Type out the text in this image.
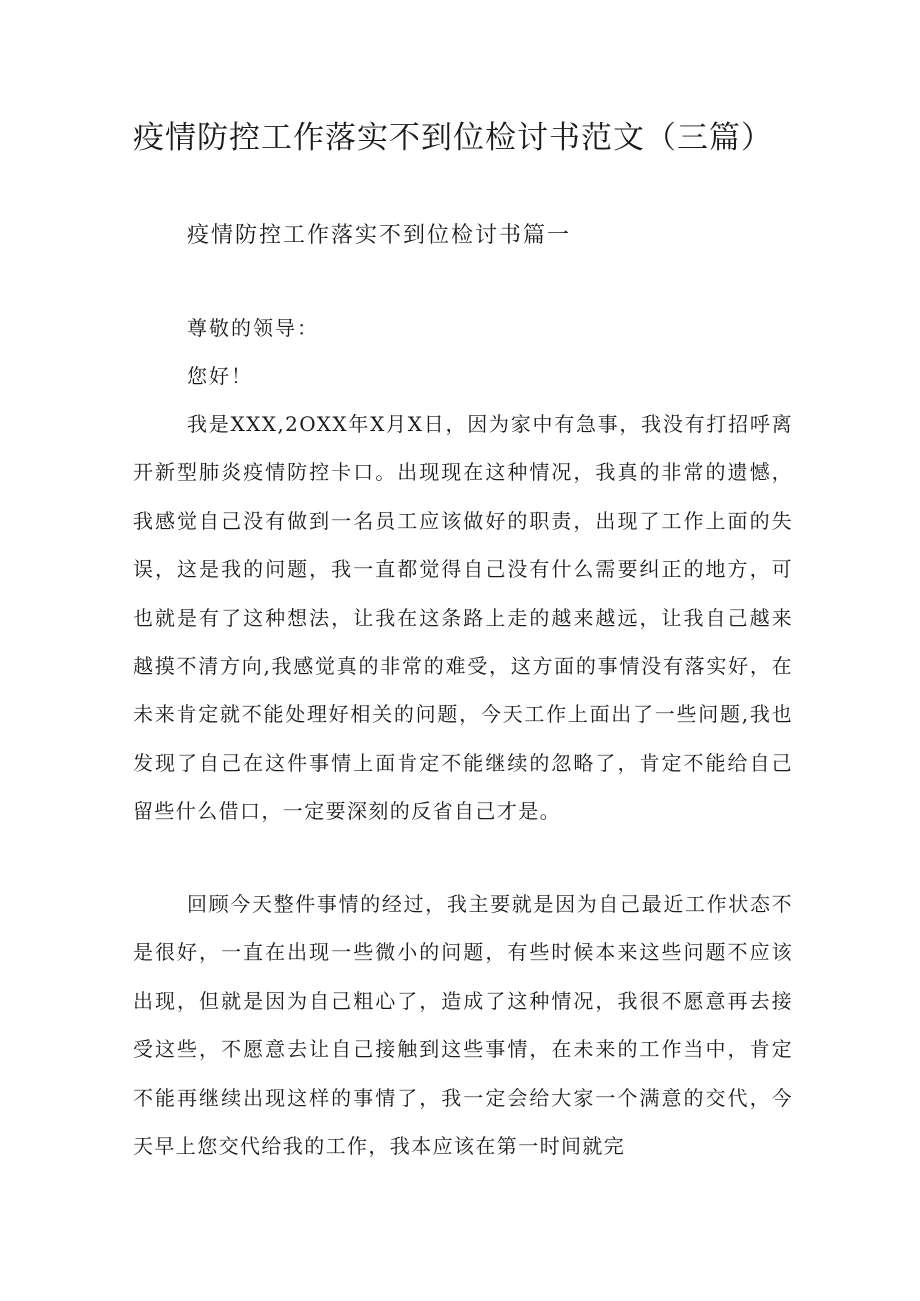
疫情防控工作落实不到位检讨书范文（三篇）
疫情防控工作落实不到位检讨书篇一

尊敬的领导：

您好！

我是XXX,2OXX年X月X日，因为家中有急事，我没有打招呼离开新型肺炎疫情防控卡口。出现现在这种情况，我真的非常的遗憾，我感觉自己没有做到一名员工应该做好的职责，出现了工作上面的失误，这是我的问题，我一直都觉得自己没有什么需要纠正的地方，可也就是有了这种想法，让我在这条路上走的越来越远，让我自己越来越摸不清方向,我感觉真的非常的难受，这方面的事情没有落实好，在未来肯定就不能处理好相关的问题，今天工作上面出了一些问题,我也发现了自己在这件事情上面肯定不能继续的忽略了，肯定不能给自己留些什么借口，一定要深刻的反省自己才是。

回顾今天整件事情的经过，我主要就是因为自己最近工作状态不是很好，一直在出现一些微小的问题，有些时候本来这些问题不应该出现，但就是因为自己粗心了，造成了这种情况，我很不愿意再去接受这些，不愿意去让自己接触到这些事情，在未来的工作当中，肯定不能再继续出现这样的事情了，我一定会给大家一个满意的交代，今天早上您交代给我的工作，我本应该在第一时间就完
